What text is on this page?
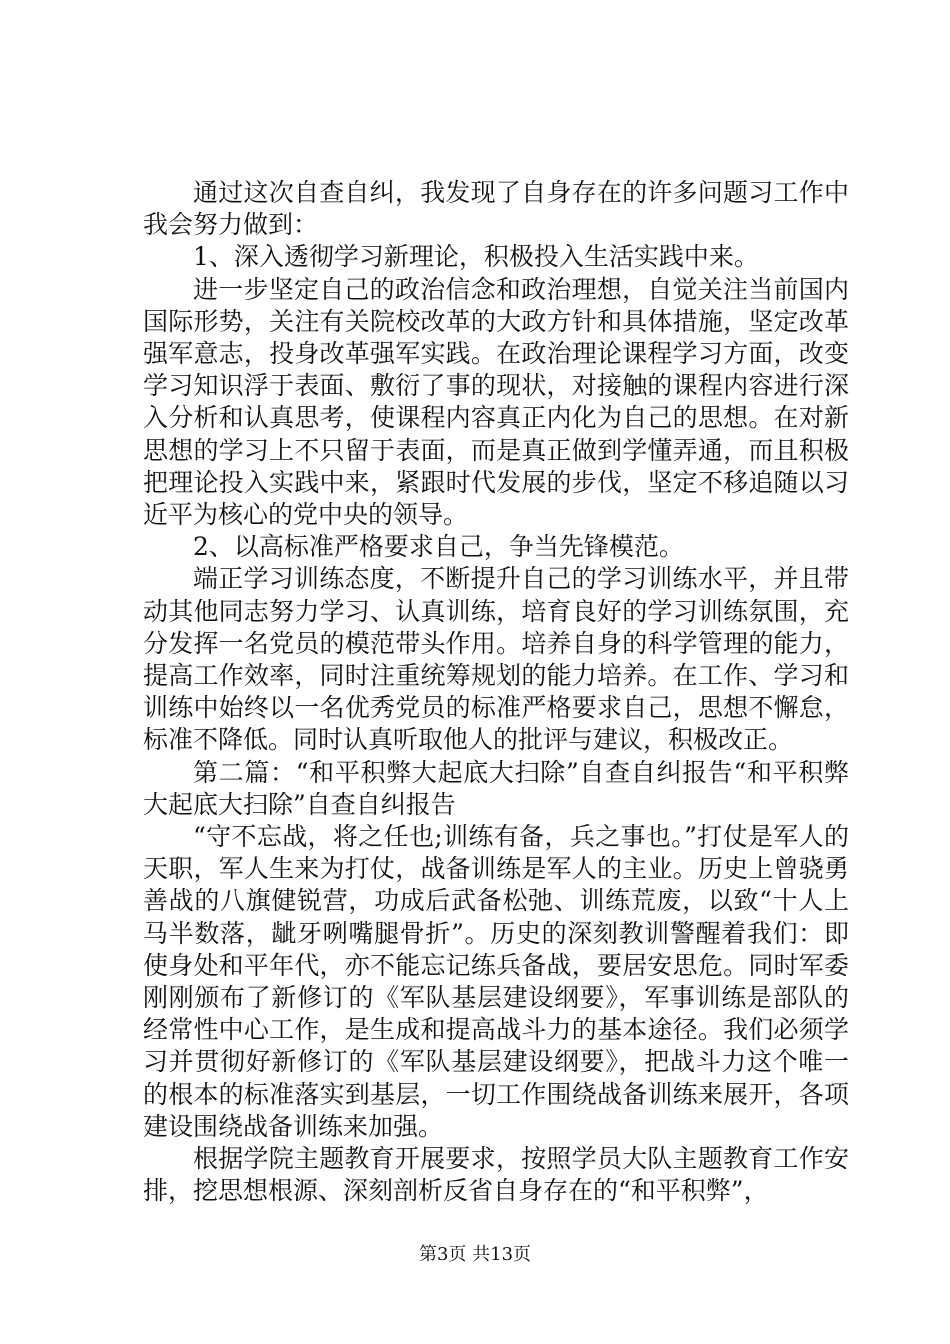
通过这次自查自纠，我发现了自身存在的许多问题习工作中我会努力做到：

1、深入透彻学习新理论，积极投入生活实践中来。

进一步坚定自己的政治信念和政治理想，自觉关注当前国内国际形势，关注有关院校改革的大政方针和具体措施，坚定改革强军意志，投身改革强军实践。在政治理论课程学习方面，改变学习知识浮于表面、敷衍了事的现状，对接触的课程内容进行深入分析和认真思考，使课程内容真正内化为自己的思想。在对新思想的学习上不只留于表面，而是真正做到学懂弄通，而且积极把理论投入实践中来，紧跟时代发展的步伐，坚定不移追随以习近平为核心的党中央的领导。

2、以高标准严格要求自己，争当先锋模范。

端正学习训练态度，不断提升自己的学习训练水平，并且带动其他同志努力学习、认真训练，培育良好的学习训练氛围，充分发挥一名党员的模范带头作用。培养自身的科学管理的能力，提高工作效率，同时注重统筹规划的能力培养。在工作、学习和训练中始终以一名优秀党员的标准严格要求自己，思想不懈怠，标准不降低。同时认真听取他人的批评与建议，积极改正。

第二篇：“和平积弊大起底大扫除”自查自纠报告“和平积弊大起底大扫除”自查自纠报告

“守不忘战，将之任也;训练有备，兵之事也。”打仗是军人的天职，军人生来为打仗，战备训练是军人的主业。历史上曾骁勇善战的八旗健锐营，功成后武备松弛、训练荒废，以致“十人上马半数落，龇牙咧嘴腿骨折”。历史的深刻教训警醒着我们：即使身处和平年代，亦不能忘记练兵备战，要居安思危。同时军委刚刚颁布了新修订的《军队基层建设纲要》，军事训练是部队的经常性中心工作，是生成和提高战斗力的基本途径。我们必须学习并贯彻好新修订的《军队基层建设纲要》，把战斗力这个唯一的根本的标准落实到基层，一切工作围绕战备训练来展开，各项建设围绕战备训练来加强。

根据学院主题教育开展要求，按照学员大队主题教育工作安排，挖思想根源、深刻剖析反省自身存在的“和平积弊”，

第3页 共13页
